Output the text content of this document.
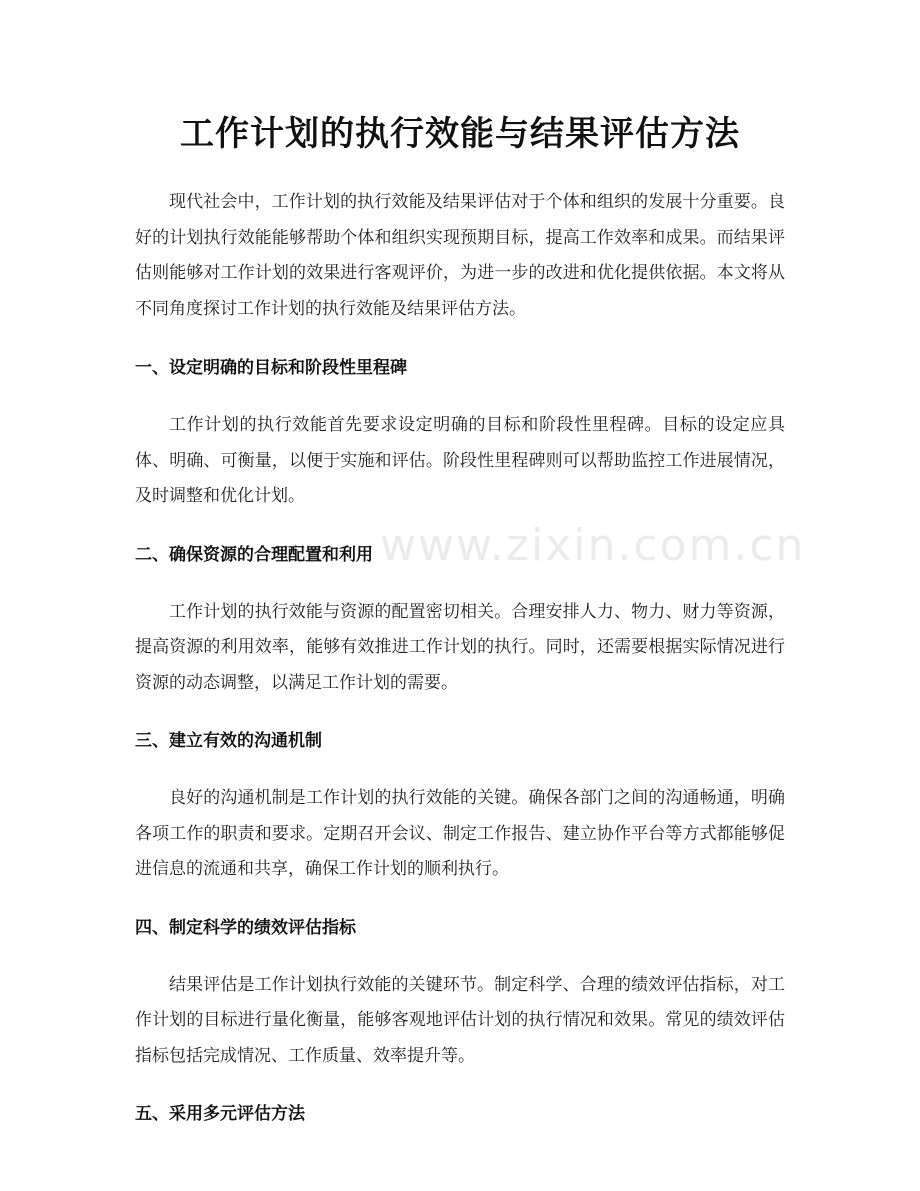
www.zixin.com.cn
工作计划的执行效能与结果评估方法

现代社会中，工作计划的执行效能及结果评估对于个体和组织的发展十分重要。良好的计划执行效能能够帮助个体和组织实现预期目标，提高工作效率和成果。而结果评估则能够对工作计划的效果进行客观评价，为进一步的改进和优化提供依据。本文将从不同角度探讨工作计划的执行效能及结果评估方法。

一、设定明确的目标和阶段性里程碑

工作计划的执行效能首先要求设定明确的目标和阶段性里程碑。目标的设定应具体、明确、可衡量，以便于实施和评估。阶段性里程碑则可以帮助监控工作进展情况，及时调整和优化计划。

二、确保资源的合理配置和利用

工作计划的执行效能与资源的配置密切相关。合理安排人力、物力、财力等资源，提高资源的利用效率，能够有效推进工作计划的执行。同时，还需要根据实际情况进行资源的动态调整，以满足工作计划的需要。

三、建立有效的沟通机制

良好的沟通机制是工作计划的执行效能的关键。确保各部门之间的沟通畅通，明确各项工作的职责和要求。定期召开会议、制定工作报告、建立协作平台等方式都能够促进信息的流通和共享，确保工作计划的顺利执行。

四、制定科学的绩效评估指标

结果评估是工作计划执行效能的关键环节。制定科学、合理的绩效评估指标，对工作计划的目标进行量化衡量，能够客观地评估计划的执行情况和效果。常见的绩效评估指标包括完成情况、工作质量、效率提升等。

五、采用多元评估方法
